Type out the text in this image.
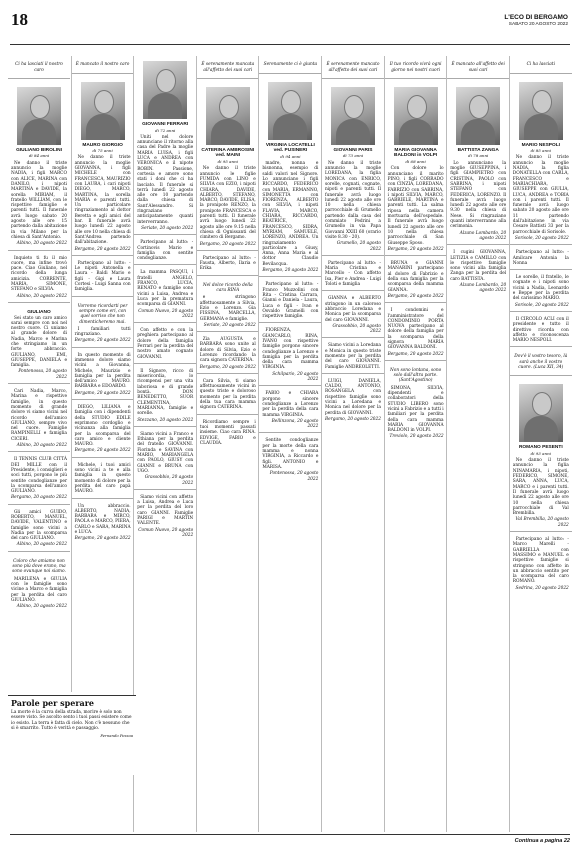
18	L'ECO DI BERGAMO
SABATO 20 AGOSTO 2022

Ci ha lasciati il nostro caro

GIULIANO BIROLINI
di 84 anni

Ne danno il triste annuncio la moglie NADIA, i figli MARCO con ALICE, MARINA con DANILO, i nipoti MARTINA e DAVIDE, la sorella MIRIAM, il fratello WILLIAM, con le rispettive famiglie e parenti tutti. Il funerale avrà luogo sabato 20 agosto alle ore 15 partendo dalla abitazione in via Milano per la chiesa di Sant'Antonio.

Albino, 20 agosto 2022

Inquieto ti fu il mio cuore, ma infine trovò pace. Ciao Giuliano, nel ricordo della lunga amicizia. CORRENTE, MARIA, SIMONE, STEFANO e SILVIA.

Albino, 20 agosto 2022
GIULIANO

Sei stato un caro amico sarai sempre con noi nel nostro cuore. Ci uniamo al grande dolore di Nadia, Marco e Marina che stringiamo in un forte abbraccio. GIULIANO, EMI, GIUSEPPE, DANIELA e famiglia.

Pontenossa, 20 agosto 2022

Cari Nadia, Marco, Marina e rispettive famiglie, in questo momento di grande dolore vi siamo vicini nel ricordo dell'amico GIULIANO, sempre vivo nel cuore. Famiglie RAMPINELLI e famiglia CICERI.

Albino, 20 agosto 2022

Il TENNIS CLUB CITTÀ DEI MILLE con il Presidente, i consiglieri e soci tutti, porgono le più sentite condoglianze per la scomparsa dell'amico GIULIANO.

Bergamo, 20 agosto 2022

Gli amici GUIDO, ROBERTO, MANUEL, DAVIDE, VALENTINO e famiglie sono vicini a Nadia per la scomparsa del caro GIULIANO.

Albino, 20 agosto 2022
Coloro che amiamo non sono più dove erano, ma sono ovunque noi siamo.

MARILENA e GIULIA con le famiglie sono vicine a Marco e famiglia per la perdita del caro GIULIANO.

Albino, 20 agosto 2022

È mancato il nostro caro

MAURO GIORGIO
di 75 anni

Ne danno il triste annuncio la moglie GIOVANNA, i figli MICHELE con FRANCESCA, MAURIZIO con LAURA, i cari nipoti DIEGO, MARCO, MARTINA, la sorella MARIA e parenti tutti. Un particolare ringraziamento al dottor Beretta e agli amici del bar. Il funerale avrà luogo lunedì 22 agosto alle ore 10 nella chiesa di Sant'Andrea partendo dall'abitazione.

Bergamo, 20 agosto 2022

Partecipano al lutto: - Le nipoti Antonella e Laura - Baldi Mario e figli - Gigi e Laura Cortesi - Luigi Sanna con famiglia.

Vorremo ricordarti per sempre come eri, con quel sorriso che non dimenticheremo mai.

I familiari tutti ringraziano.

Bergamo, 20 agosto 2022

In questo momento di immenso dolore siamo vicini a Giovanna, Michele, Maurizio e famiglia per la perdita dell'amico MAURO. BARBARA e EDOARDO.

Bergamo, 20 agosto 2022

DIEGO, LILIANA e famiglia con i dipendenti della STUDIO EDILE esprimono cordoglio e vicinanza alla famiglia per la scomparsa del caro amico e cliente MAURO.

Bergamo, 20 agosto 2022

Michele, i tuoi amici sono vicini a te e alla famiglia in questo momento di dolore per la perdita del caro papà MAURO.

Un abbraccio. ALBERTO, NADIA, BARBARA e MIRCO, PAOLA e MARCO, PIERA, CARLO e SARA, MARINA e LUCA.

Bergamo, 20 agosto 2022
GIOVANNI FERRARI
di 72 anni

Uniti nel dolore annunciano il ritorno alla casa del Padre la moglie MARIA LUISA, i figli LUCA e ANDREA con VERONICA e il nipote ROBIN. Passione, cortesia e amore sono stati i doni che ci ha lasciato. Il funerale si terrà lunedì 22 agosto alle ore 10 partendo dalla chiesa di Sant'Alessandro. Si ringraziano anticipatamente quanti interverranno.

Seriate, 20 agosto 2022

Partecipano al lutto: - Cortinovis Mario e famiglia con sentite condoglianze.

La mamma PASQUI, i fratelli ANGELO, FRANCO, LUCIA, RENATO e famiglie sono vicini a Luisa, Andrea e Luca per la prematura scomparsa di GIANNI.

Comun Nuovo, 20 agosto 2022

Con affetto e con la preghiera partecipano al dolore della famiglia Ferrari per la perdita del nostro amato cognato GIOVANNI.

Il Signore, ricco di misericordia, lo ricompensi per una vita laboriosa e di grande bontà. DON BENEDETTO, SUOR CLEMENTINA, MARIANNA, famiglie e sorelle.

Stezzano, 20 agosto 2022

Siamo vicini a Franco e Ethiana per la perdita del fratello GIOVANNI. Fiorinda e SAVINA con MARIO, MARIANGELA con PAOLO, GIUSY con GIANNI e BRUNA con UGO.

Grassobbio, 20 agosto 2022

Siamo vicini con affetto a Luisa, Andrea e Luca per la perdita del loro caro GIANNI. Famiglie PARIGI e MARTIN VALENTE.

Comun Nuovo, 20 agosto 2022

È serenamente mancata all'affetto dei suoi cari

CATERINA AMBROSINI ved. MAINI
di 95 anni

Ne danno il triste annuncio le figlie FUMIDA con LINO e SILVIA con EZIO, i nipoti CHIARA, DAVIDE, ALBERTO, STEFANO, MARCO, DAVIDE, ELISA, la pronipote RENZO, la pronipote FRANCESCA e parenti tutti. Il funerale avrà luogo lunedì 22 agosto alle ore 9.15 nella chiesa di Ognissanti del cimitero di Bergamo.

Bergamo, 20 agosto 2022

Partecipano al lutto: - Fausta, Alberto, Ilaria e Erika

Nel dolce ricordo della cara RINA

e stringono affettuosamente a Silvia, Ezio e Lorenzo. Gia FISSINA, MARCELLA, GERMANA e famiglie.

Seriate, 20 agosto 2022

Zia AUGUSTA e BARBARA sono unite al dolore di Silvia, Ezio e Lorenzo ricordando la cara signora CATERINA.

Bergamo, 20 agosto 2022

Cara Silvia, ti siamo affettuosamente vicini in questo triste e doloroso momento per la perdita della tua cara mamma signora CATERINA.

Ricordiamo sempre i tuoi momenti passati insieme. Ciao cara RINA. EDVIGE, FABIO e CLAUDIA.

Serenamente ci è giunta

VIRGINIA LOCATELLI ved. PUSINERI
di 94 anni

madre, nonna e bisnonna, esempio di saldi valori nel Signore. Lo annunciano i figli RICCARDO, FEDERICO con MARIA, ERMANNO, SIMONETTA con FIORENZA, ALBERTO con SILVIA, i nipoti FLAVIA, MARCO, CHIARA, RICCARDO, BEATRICE, FRANCESCO, SIDRA, MYRIAM, SAMUELE, LORENZO, ANDREA. Un ringraziamento particolare a Giusy, Anna, Anna Maria e al dottor Claudio Bevilacqua.

Bergamo, 20 agosto 2022

Partecipano al lutto: - Franco Muzzolini con Rita - Cristina Carrara, Gianni e Daniela - Laura, Luca e figli - Ivan e Osvaldo Gramelli con rispettive famiglie.

FIORENZA, GIANCARLO, RINA, IVANO con rispettive famiglie porgono sincere condoglianze a Lorenzo e famiglia per la perdita della cara mamma VIRGINIA.

Schilpario, 20 agosto 2022

FABIO e CHIARA porgono sincere condoglianze a Lorenzo per la perdita della cara mamma VIRGINIA.

Bellinzona, 20 agosto 2022

Sentite condoglianze per la morte della cara mamma e nonna VIRGINIA, a Riccardo e figli. ANTONIO e MARISA.

Pontenossa, 20 agosto 2022

È serenamente mancato all'affetto dei suoi cari

GIOVANNI PARIS
di 73 anni

Ne danno il triste annuncio la moglie LOREDANA, la figlia MONICA con ENRICO, sorelle, cognati, cognate, nipoti e parenti tutti. Il funerale avrà luogo lunedì 22 agosto alle ore 10 nella chiesa parrocchiale di Grumello partendo dalla casa del commiato Pedrini a Grumello in via Papa Giovanni XXIII 60 (orario visite 8.30 - 20).

Grumello, 20 agosto 2022

Partecipano al lutto: - Maria Cristina e Marcello - Con affetto Isa, Pier e Andrea - Luigi Toloti e famiglia

GIANNA e ALBERTO stringono in un caloroso abbraccio Loredana e Monica per la scomparsa del caro GIOVANNI.

Grassobbio, 20 agosto 2022

Siamo vicini a Loredana e Monica in questo triste momento per la perdita del caro GIOVANNI. Famiglie ANDREOLETTI.

LUIGI, DANIELA, CALDO, ANTONIO, ROSANGELA con rispettive famiglie sono vicini a Loredana e Monica nel dolore per la perdita di GIOVANNI.

Bergamo, 20 agosto 2022

Il tuo ricordo vivrà ogni giorno nei nostri cuori

MARIA GIOVANNA BALDONI in VOLPI
di 68 anni

Con dolore lo annunciano il marito PINO, i figli CORRADO con CINZIA, LOREDANA, FABRIZIO con SABRINA, i nipoti SILVIA, MARCO, GABRIELE, MARTINA e parenti tutti. La salma riposa nella camera mortuaria dell'ospedale. Il funerale avrà luogo lunedì 22 agosto alle ore 10 nella chiesa parrocchiale di San Giuseppe Sposo.

Bergamo, 20 agosto 2022

BRUNA e GIANNI MANARINI partecipano al dolore di Fabrizio e della sua famiglia per la scomparsa della mamma GIANNA.

Bergamo, 20 agosto 2022

I condomini e l'amministratore del CONDOMINIO PORTA NUOVA partecipano al dolore della famiglia per la scomparsa della signora MARIA GIOVANNA BALDONI.

Bergamo, 20 agosto 2022
Non sono lontana, sono solo dall'altra parte. (Sant'Agostino)

SIMONA, SILVIA, dipendenti e collaboratori della STUDIO LIBERO sono vicini a Fabrizio e a tutti i familiari per la perdita della cara mamma MARIA GIOVANNA BALDONI in VOLPI.

Treviolo, 20 agosto 2022

È mancato all'affetto dei suoi cari

BATTISTA ZANGA
di 78 anni

Lo annunciano la moglie GIUSEPPINA, i figli GIAMPIETRO con CRISTINA, PAOLO con SABRINA, i nipoti STEFANO con FEDERICA, LORENZO. Il funerale avrà luogo lunedì 22 agosto alle ore 9.30 nella chiesa di Nese. Si ringraziano quanti interverranno alla cerimonia.

Alzano Lombardo, 20 agosto 2022

I cugini GIOVANNA, LETIZIA e CAMILLO con le rispettive famiglie sono vicini alla famiglia Zanga per la perdita del caro BATTISTA.

Alzano Lombardo, 20 agosto 2022

Ci ha lasciati

MARIO NESPOLI
di 85 anni

Ne danno il triste annuncio la moglie NADIA, la figlia DONATELLA con CARLA, FRANCESCO e MARIACHIARA, GIUSEPPE con GIULIA, LUCA, ANDREA e TOBIA con i parenti tutti. Il funerale avrà luogo sabato 20 agosto alle ore 11 partendo dall'abitazione in via Cesare Battisti 33 per la parrocchiale di Sorisole.

Sorisole, 20 agosto 2022

Partecipano al lutto: - Amilcare Antonia la Nonna

Le sorelle, il fratello, le cognate e i nipoti sono vicini a Nadia, Leonardo e Beppe per la perdita del carissimo MARIO.

Sorisole, 20 agosto 2022

Il CIRCOLO ACLI con il presidente e tutto il direttivo ricorda con affetto e riconoscenza MARIO NESPOLI.

Dov'è il vostro tesoro, là sarà anche il vostro cuore. (Luca XII, 34)
ROMANO PESENTI
di 93 anni

Ne danno il triste annuncio la figlia NINAMARIA, i nipoti, FEDERICO, SIMONE, SARA, ANNA, LUCA, MARCO e i parenti tutti. Il funerale avrà luogo lunedì 22 agosto alle ore 10 nella chiesa parrocchiale di Val Brembilla.

Val Brembilla, 20 agosto 2022

Partecipano al lutto: - Marco Marelli - GABRIELLA con MASSIMO e MANUEL e rispettive famiglie si stringono con affetto in un abbraccio sentito per la scomparsa del caro ROMANO.

Sedrina, 20 agosto 2022
Parole per sperare
La morte è la curva della strada, morire è solo non essere visto. Se ascolto sento i tuoi passi esistere come io esisto. La terra è fatta di cielo. Non c'è nessuno che si è smarrito. Tutto è verità e passaggio.
Fernando Pessoa
Continua a pagina 22
